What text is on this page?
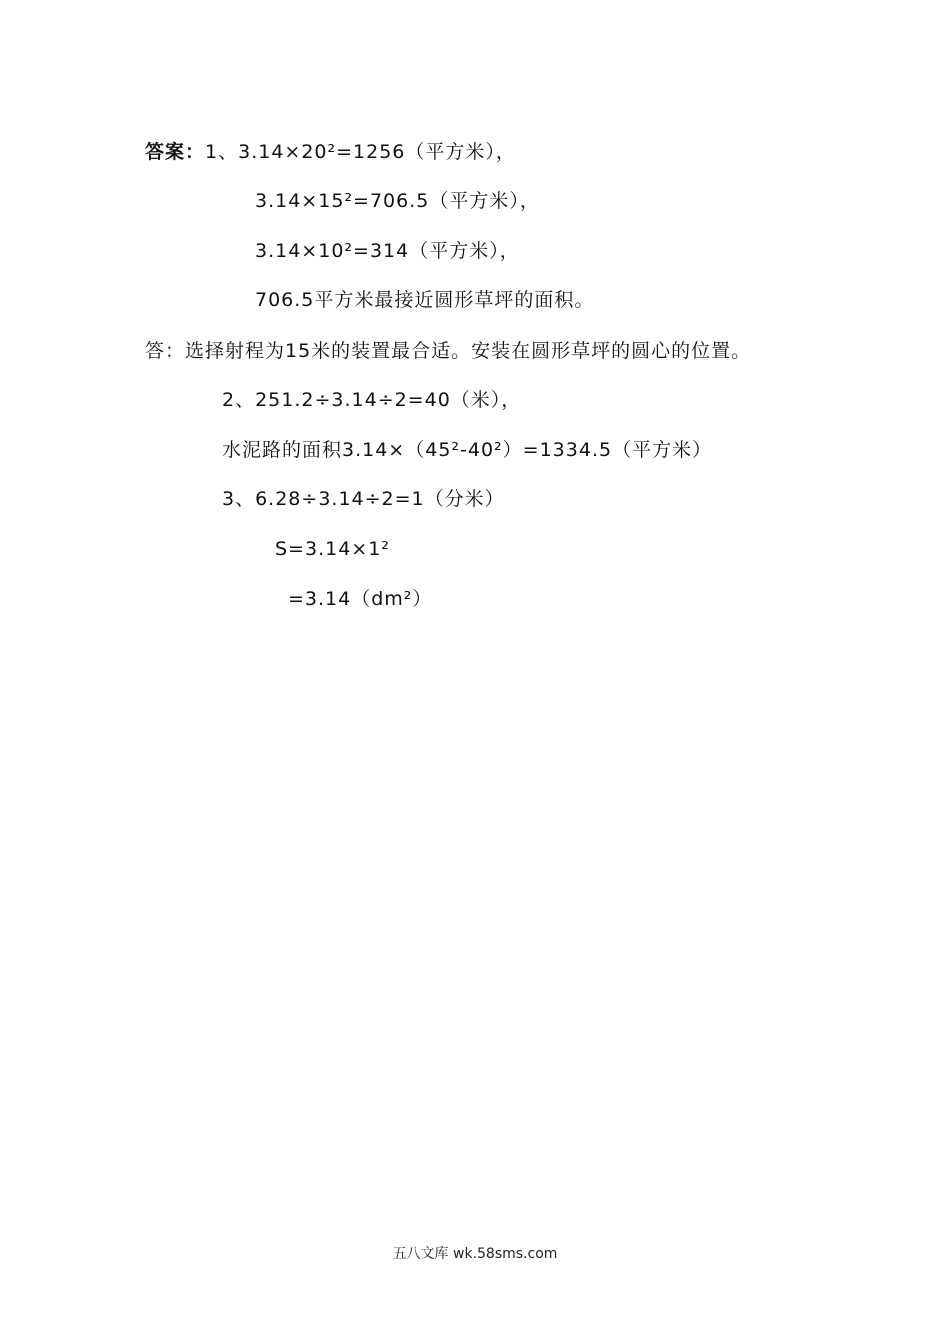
答案：1、3.14×20²=1256（平方米），
3.14×15²=706.5（平方米），
3.14×10²=314（平方米），
706.5平方米最接近圆形草坪的面积。
答：选择射程为15米的装置最合适。安装在圆形草坪的圆心的位置。
2、251.2÷3.14÷2=40（米），
水泥路的面积3.14×（45²-40²）=1334.5（平方米）
3、6.28÷3.14÷2=1（分米）
S=3.14×1²
=3.14（dm²）
五八文库 wk.58sms.com
